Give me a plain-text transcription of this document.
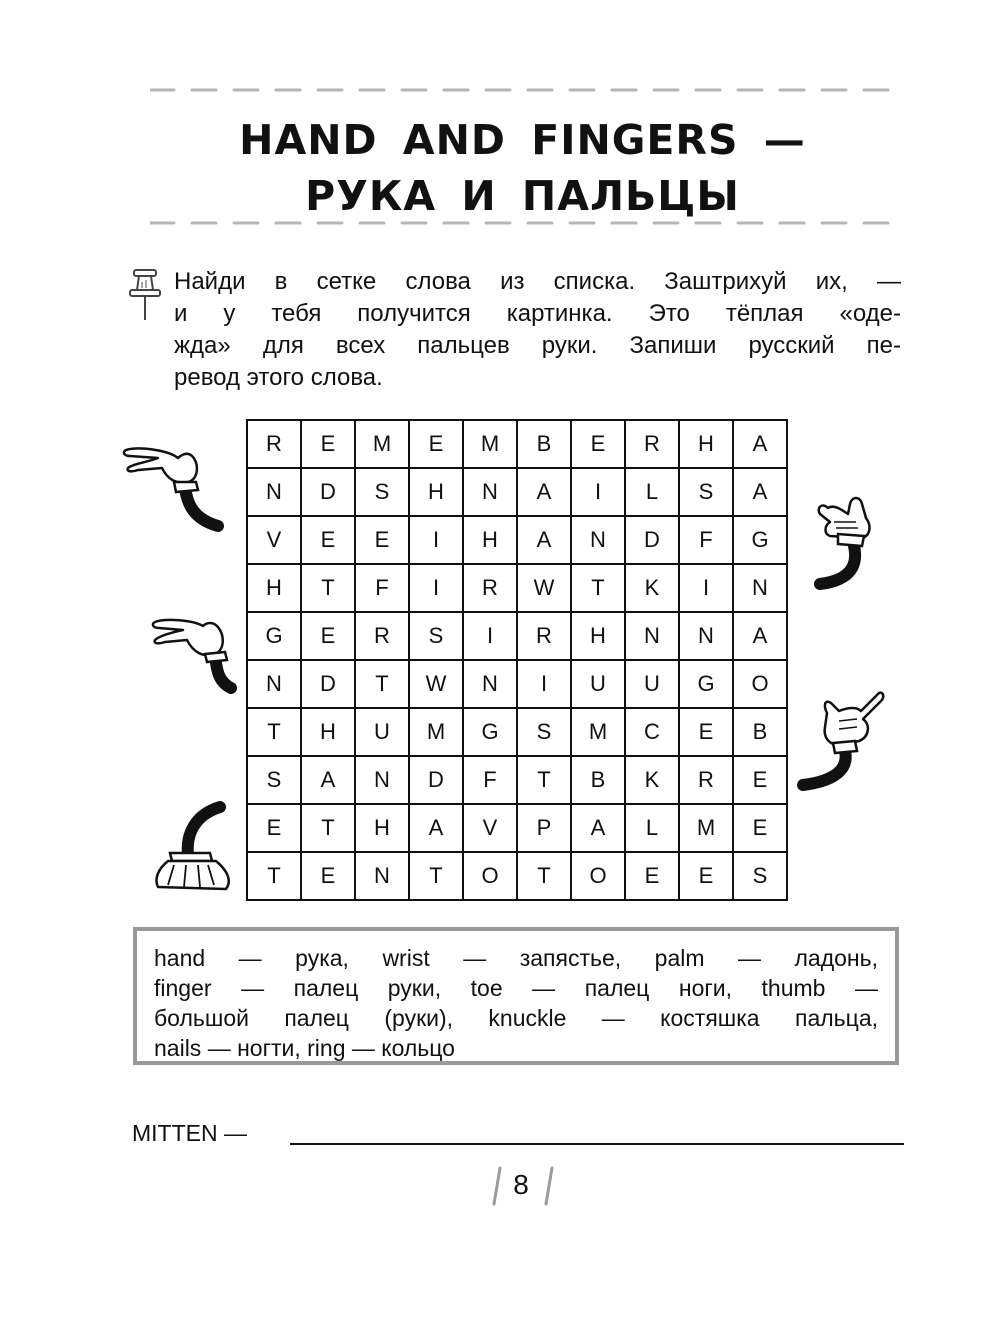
HAND AND FINGERS —
РУКА И ПАЛЬЦЫ
Найди в сетке слова из списка. Заштрихуй их, —
и у тебя получится картинка. Это тёплая «оде-
жда» для всех пальцев руки. Запиши русский пе-
ревод этого слова.
R	E	M	E	M	B	E	R	H	A
N	D	S	H	N	A	I	L	S	A
V	E	E	I	H	A	N	D	F	G
H	T	F	I	R	W	T	K	I	N
G	E	R	S	I	R	H	N	N	A
N	D	T	W	N	I	U	U	G	O
T	H	U	M	G	S	M	C	E	B
S	A	N	D	F	T	B	K	R	E
E	T	H	A	V	P	A	L	M	E
T	E	N	T	O	T	O	E	E	S
hand — рука, wrist — запястье, palm — ладонь,
finger — палец руки, toe — палец ноги, thumb —
большой палец (руки), knuckle — костяшка пальца,
nails — ногти, ring — кольцо
MITTEN —
8
